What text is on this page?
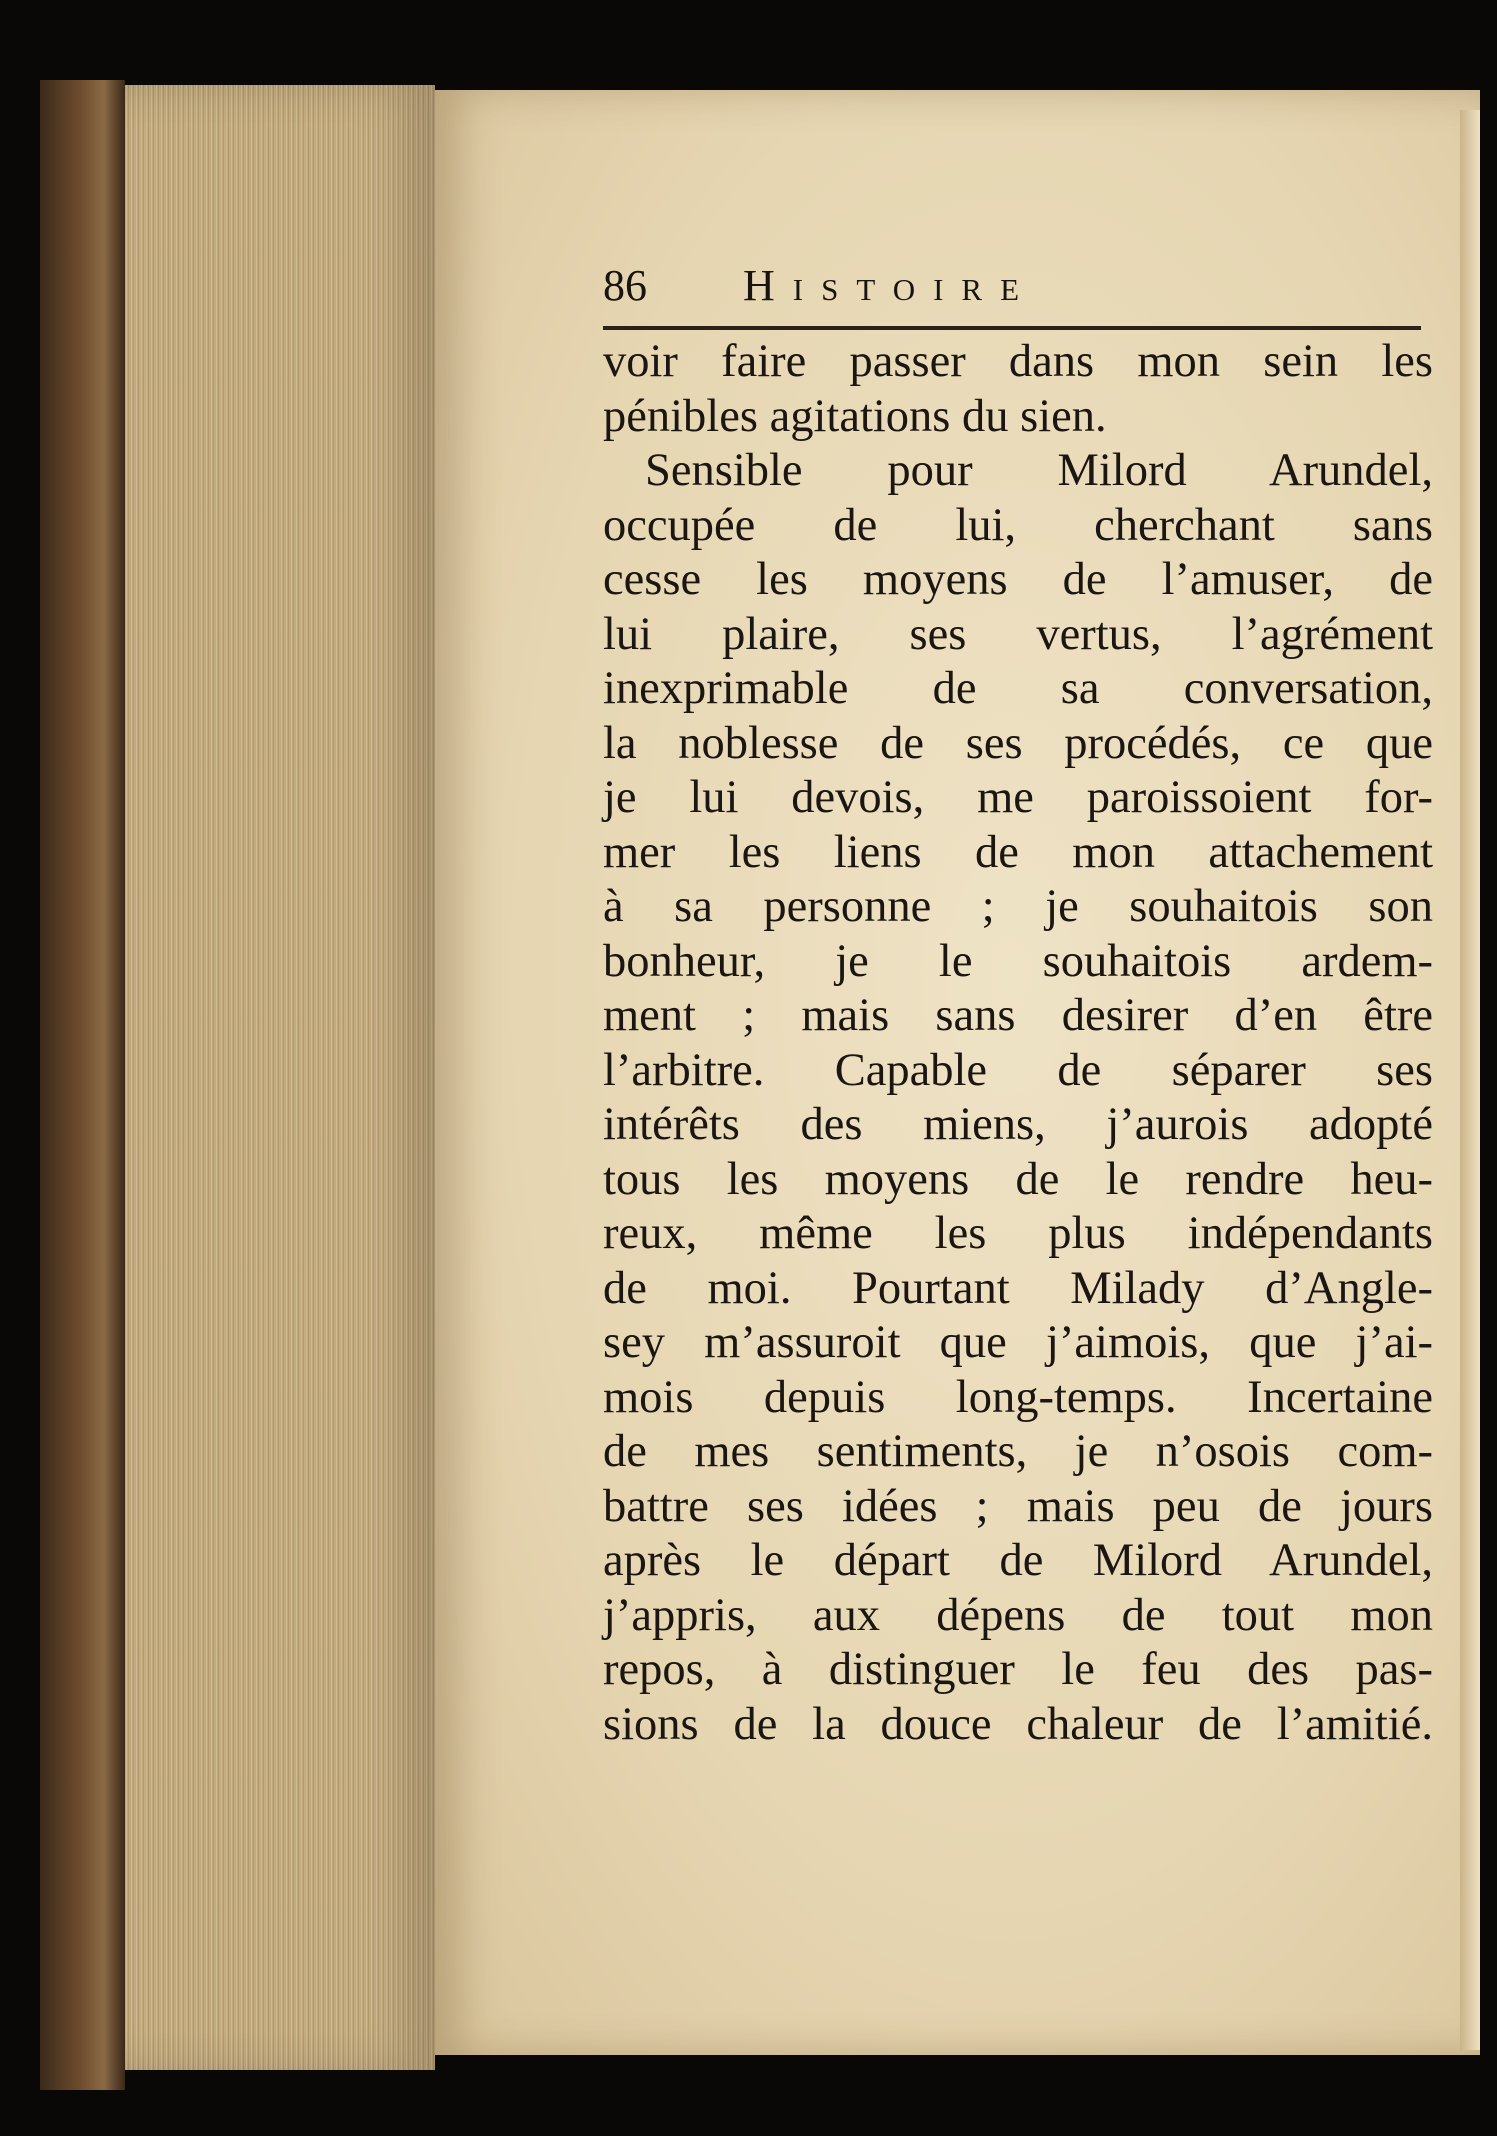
86 Histoire
voir faire passer dans mon sein les
pénibles agitations du sien.
Sensible pour Milord Arundel,
occupée de lui, cherchant sans
cesse les moyens de l’amuser, de
lui plaire, ses vertus, l’agrément
inexprimable de sa conversation,
la noblesse de ses procédés, ce que
je lui devois, me paroissoient for-
mer les liens de mon attachement
à sa personne ; je souhaitois son
bonheur, je le souhaitois ardem-
ment ; mais sans desirer d’en être
l’arbitre. Capable de séparer ses
intérêts des miens, j’aurois adopté
tous les moyens de le rendre heu-
reux, même les plus indépendants
de moi. Pourtant Milady d’Angle-
sey m’assuroit que j’aimois, que j’ai-
mois depuis long-temps. Incertaine
de mes sentiments, je n’osois com-
battre ses idées ; mais peu de jours
après le départ de Milord Arundel,
j’appris, aux dépens de tout mon
repos, à distinguer le feu des pas-
sions de la douce chaleur de l’amitié.
